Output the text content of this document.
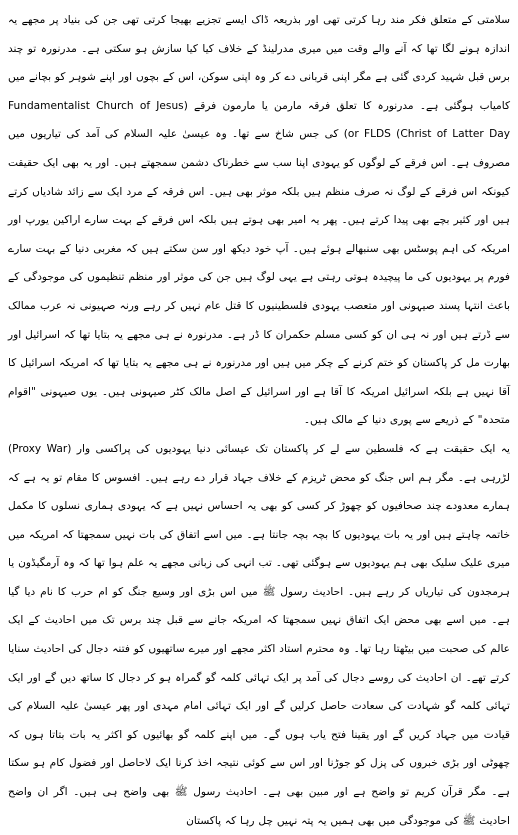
سلامتی کے متعلق فکر مند رہا کرتی تھی اور بذریعہ ڈاک ایسے تجزیے بھیجا کرتی تھی جن کی بنیاد پر مجھے یہ اندازہ ہونے لگا تھا کہ آنے والے وقت میں میری مدرلینڈ کے خلاف کیا کیا سازش ہو سکتی ہے۔ مدرنورہ تو چند برس قبل شہید کردی گئی ہے مگر اپنی قربانی دے کر وہ اپنی سوکن، اس کے بچوں اور اپنے شوہر کو بچانے میں کامیاب ہوگئی ہے۔ مدرنورہ کا تعلق فرقہ مارمن یا مارمون فرقے (Fundamentalist Church of Jesus Christ of Latter Day) or FLDS) کی جس شاخ سے تھا۔ وہ عیسیٰ علیہ السلام کی آمد کی تیاریوں میں مصروف ہے۔ اس فرقے کے لوگوں کو یہودی اپنا سب سے خطرناک دشمن سمجھتے ہیں۔ اور یہ بھی ایک حقیقت کیونکہ اس فرقے کے لوگ نہ صرف منظم ہیں بلکہ موثر بھی ہیں۔ اس فرقہ کے مرد ایک سے زائد شادیاں کرتے ہیں اور کثیر بچے بھی پیدا کرتے ہیں۔ پھر یہ امیر بھی ہوتے ہیں بلکہ اس فرقے کے بہت سارے اراکین یورپ اور امریکہ کی اہم پوسٹس بھی سنبھالے ہوئے ہیں۔ آپ خود دیکھ اور سن سکتے ہیں کہ مغربی دنیا کے بہت سارے فورم پر یہودیوں کی ما پیچیدہ ہوتی رہتی ہے یہی لوگ ہیں جن کی موثر اور منظم تنظیموں کی موجودگی کے باعث انتہا پسند صیہونی اور متعصب یہودی فلسطینیوں کا قتل عام نہیں کر رہے ورنہ صہیونی نہ عرب ممالک سے ڈرتے ہیں اور نہ ہی ان کو کسی مسلم حکمران کا ڈر ہے۔ مدرنورہ نے ہی مجھے یہ بتایا تھا کہ اسرائیل اور بھارت مل کر پاکستان کو ختم کرنے کے چکر میں ہیں اور مدرنورہ نے ہی مجھے یہ بتایا تھا کہ امریکہ اسرائیل کا آقا نہیں ہے بلکہ اسرائیل امریکہ کا آقا ہے اور اسرائیل کے اصل مالک کٹر صیہونی ہیں۔ یوں صیہونی "اقوام متحدہ" کے ذریعے سے پوری دنیا کے مالک ہیں۔

یہ ایک حقیقت ہے کہ فلسطین سے لے کر پاکستان تک عیسائی دنیا یہودیوں کی پراکسی وار (Proxy War) لڑرہی ہے۔ مگر ہم اس جنگ کو محض ٹریزم کے خلاف جہاد قرار دے رہے ہیں۔ افسوس کا مقام تو یہ ہے کہ ہمارے معدودے چند صحافیوں کو چھوڑ کر کسی کو بھی یہ احساس نہیں ہے کہ یہودی ہماری نسلوں کا مکمل خاتمہ چاہتے ہیں اور یہ بات یہودیوں کا بچہ بچہ جانتا ہے۔ میں اسے اتفاق کی بات نہیں سمجھتا کہ امریکہ میں میری علیک سلیک بھی ہم یہودیوں سے ہوگئی تھی۔ تب انہی کی زبانی مجھے یہ علم ہوا تھا کہ وہ آرمگیڈون یا ہرمجدون کی تیاریاں کر رہے ہیں۔ احادیث رسول ﷺ میں اس بڑی اور وسیع جنگ کو ام حرب کا نام دیا گیا ہے۔ میں اسے بھی محض ایک اتفاق نہیں سمجھتا کہ امریکہ جانے سے قبل چند برس تک میں احادیث کے ایک عالم کی صحبت میں بیٹھتا رہا تھا۔ وہ محترم استاد اکثر مجھے اور میرے ساتھیوں کو فتنہ دجال کی احادیث سنایا کرتے تھے۔ ان احادیث کی روسے دجال کی آمد پر ایک تہائی کلمہ گو گمراہ ہو کر دجال کا ساتھ دیں گے اور ایک تہائی کلمہ گو شہادت کی سعادت حاصل کرلیں گے اور ایک تہائی امام مہدی اور پھر عیسیٰ علیہ السلام کی قیادت میں جہاد کریں گے اور یقینا فتح یاب ہوں گے۔ میں اپنے کلمہ گو بھائیوں کو اکثر یہ بات بتاتا ہوں کہ چھوٹی اور بڑی خبروں کی پزل کو جوڑنا اور اس سے کوئی نتیجہ اخذ کرنا ایک لاحاصل اور فضول کام ہو سکتا ہے۔ مگر قرآن کریم تو واضح ہے اور مبین بھی ہے۔ احادیث رسول ﷺ بھی واضح ہی ہیں۔ اگر ان واضح احادیث ﷺ کی موجودگی میں بھی ہمیں یہ پتہ نہیں چل رہا کہ پاکستان
